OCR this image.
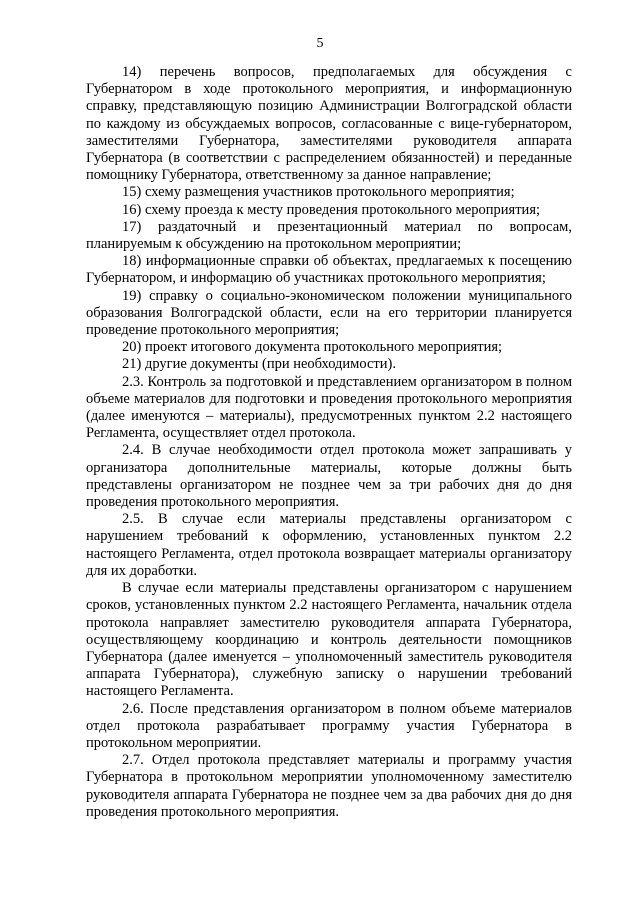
5

14) перечень вопросов, предполагаемых для обсуждения с Губернатором в ходе протокольного мероприятия, и информационную справку, представляющую позицию Администрации Волгоградской области по каждому из обсуждаемых вопросов, согласованные с вице-губернатором, заместителями Губернатора, заместителями руководителя аппарата Губернатора (в соответствии с распределением обязанностей) и переданные помощнику Губернатора, ответственному за данное направление;

15) схему размещения участников протокольного мероприятия;

16) схему проезда к месту проведения протокольного мероприятия;

17) раздаточный и презентационный материал по вопросам, планируемым к обсуждению на протокольном мероприятии;

18) информационные справки об объектах, предлагаемых к посещению Губернатором, и информацию об участниках протокольного мероприятия;

19) справку о социально-экономическом положении муниципального образования Волгоградской области, если на его территории планируется проведение протокольного мероприятия;

20) проект итогового документа протокольного мероприятия;

21) другие документы (при необходимости).

2.3. Контроль за подготовкой и представлением организатором в полном объеме материалов для подготовки и проведения протокольного мероприятия (далее именуются – материалы), предусмотренных пунктом 2.2 настоящего Регламента, осуществляет отдел протокола.

2.4. В случае необходимости отдел протокола может запрашивать у организатора дополнительные материалы, которые должны быть представлены организатором не позднее чем за три рабочих дня до дня проведения протокольного мероприятия.

2.5. В случае если материалы представлены организатором с нарушением требований к оформлению, установленных пунктом 2.2 настоящего Регламента, отдел протокола возвращает материалы организатору для их доработки.

В случае если материалы представлены организатором с нарушением сроков, установленных пунктом 2.2 настоящего Регламента, начальник отдела протокола направляет заместителю руководителя аппарата Губернатора, осуществляющему координацию и контроль деятельности помощников Губернатора (далее именуется – уполномоченный заместитель руководителя аппарата Губернатора), служебную записку о нарушении требований настоящего Регламента.

2.6. После представления организатором в полном объеме материалов отдел протокола разрабатывает программу участия Губернатора в протокольном мероприятии.

2.7. Отдел протокола представляет материалы и программу участия Губернатора в протокольном мероприятии уполномоченному заместителю руководителя аппарата Губернатора не позднее чем за два рабочих дня до дня проведения протокольного мероприятия.
